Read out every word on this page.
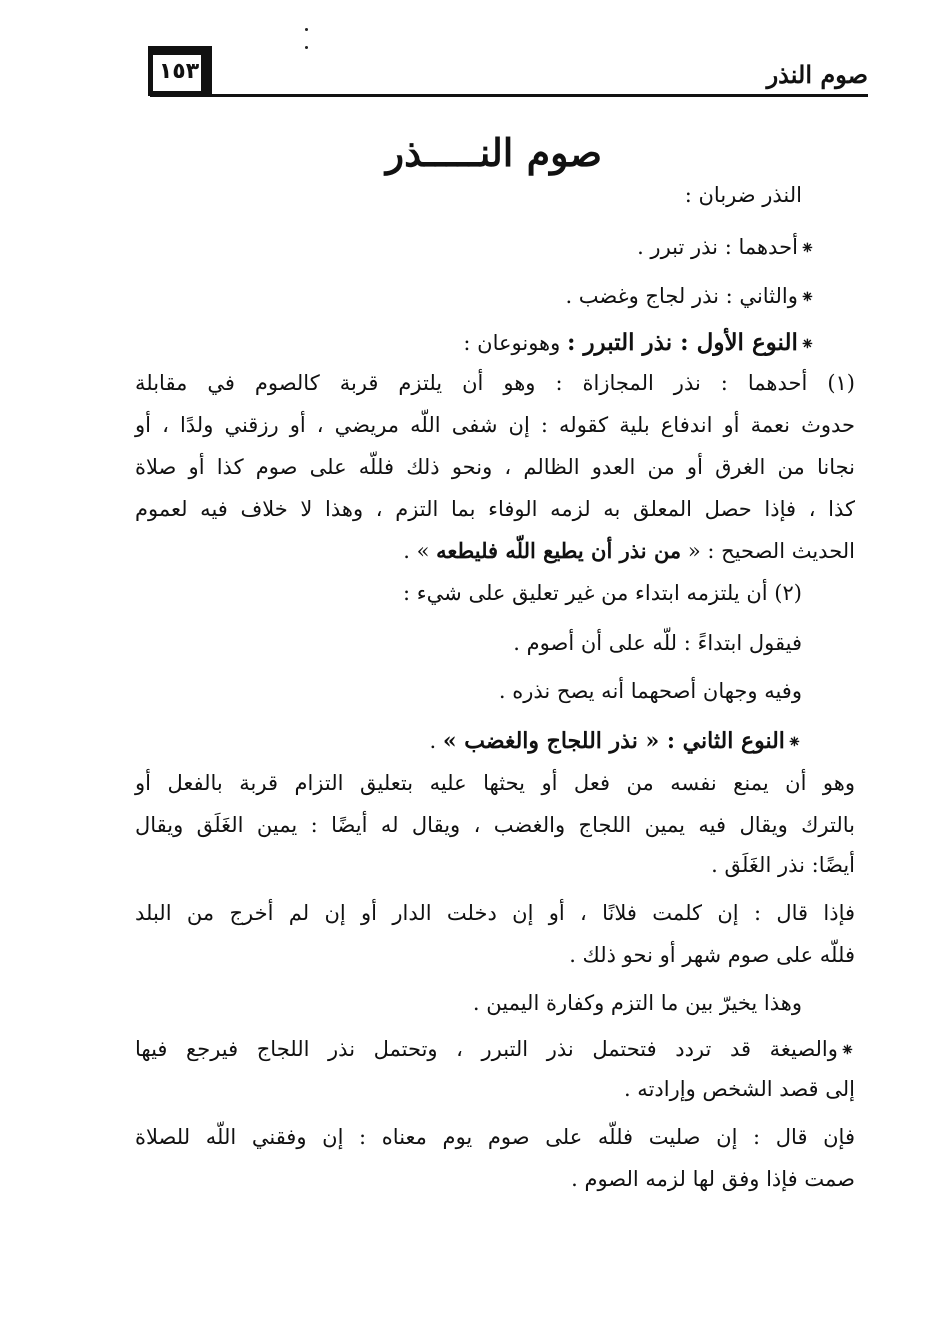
١٥٣	صوم النذر
صوم النـــــذر
النذر ضربان :
⁕أحدهما : نذر تبرر .
⁕والثاني : نذر لجاج وغضب .
⁕النوع الأول : نذر التبرر : وهونوعان :
(١) أحدهما : نذر المجازاة : وهو أن يلتزم قربة كالصوم في مقابلة
حدوث نعمة أو اندفاع بلية كقوله : إن شفى اللّه مريضي ، أو رزقني ولدًا ، أو
نجانا من الغرق أو من العدو الظالم ، ونحو ذلك فللّه على صوم كذا أو صلاة
كذا ، فإذا حصل المعلق به لزمه الوفاء بما التزم ، وهذا لا خلاف فيه لعموم
الحديث الصحيح : « من نذر أن يطيع اللّه فليطعه » .
(٢) أن يلتزمه ابتداء من غير تعليق على شيء :
فيقول ابتداءً : للّه على أن أصوم .
وفيه وجهان أصحهما أنه يصح نذره .
⁕النوع الثاني : « نذر اللجاج والغضب » .
وهو أن يمنع نفسه من فعل أو يحثها عليه بتعليق التزام قربة بالفعل أو
بالترك ويقال فيه يمين اللجاج والغضب ، ويقال له أيضًا : يمين الغَلَق ويقال
أيضًا: نذر الغَلَق .
فإذا قال : إن كلمت فلانًا ، أو إن دخلت الدار أو إن لم أخرج من البلد
فللّه على صوم شهر أو نحو ذلك .
وهذا يخيرّ بين ما التزم وكفارة اليمين .
⁕والصيغة قد تردد فتحتمل نذر التبرر ، وتحتمل نذر اللجاج فيرجع فيها
إلى قصد الشخص وإرادته .
فإن قال : إن صليت فللّه على صوم يوم معناه : إن وفقني اللّه للصلاة
صمت فإذا وفق لها لزمه الصوم .
